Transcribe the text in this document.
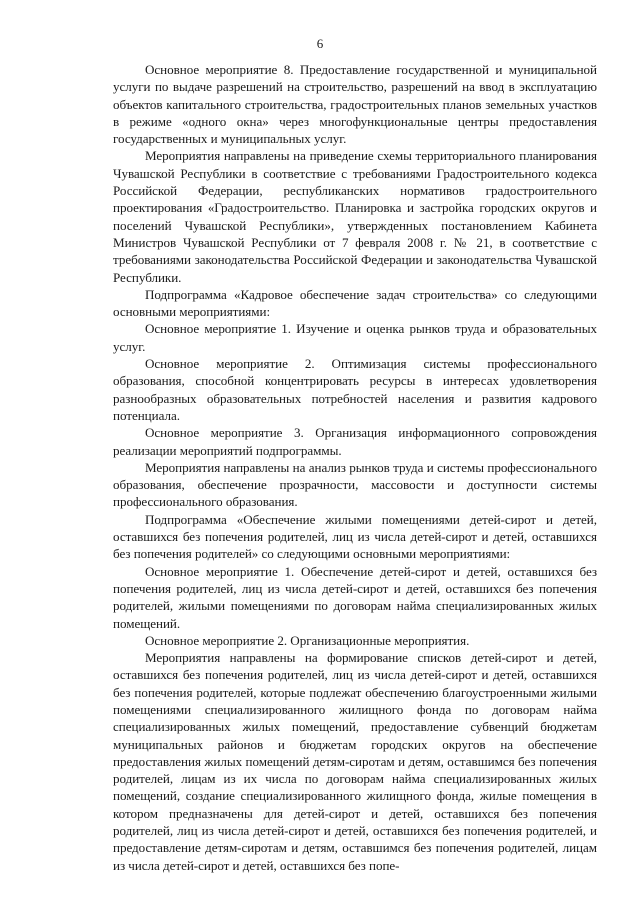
6

Основное мероприятие 8. Предоставление государственной и муниципальной услуги по выдаче разрешений на строительство, разрешений на ввод в эксплуатацию объектов капитального строительства, градостроительных планов земельных участков в режиме «одного окна» через многофункциональные центры предоставления государственных и муниципальных услуг.

Мероприятия направлены на приведение схемы территориального планирования Чувашской Республики в соответствие с требованиями Градостроительного кодекса Российской Федерации, республиканских нормативов градостроительного проектирования «Градостроительство. Планировка и застройка городских округов и поселений Чувашской Республики», утвержденных постановлением Кабинета Министров Чувашской Республики от 7 февраля 2008 г. № 21, в соответствие с требованиями законодательства Российской Федерации и законодательства Чувашской Республики.

Подпрограмма «Кадровое обеспечение задач строительства» со следующими основными мероприятиями:

Основное мероприятие 1. Изучение и оценка рынков труда и образовательных услуг.

Основное мероприятие 2. Оптимизация системы профессионального образования, способной концентрировать ресурсы в интересах удовлетворения разнообразных образовательных потребностей населения и развития кадрового потенциала.

Основное мероприятие 3. Организация информационного сопровождения реализации мероприятий подпрограммы.

Мероприятия направлены на анализ рынков труда и системы профессионального образования, обеспечение прозрачности, массовости и доступности системы профессионального образования.

Подпрограмма «Обеспечение жилыми помещениями детей-сирот и детей, оставшихся без попечения родителей, лиц из числа детей-сирот и детей, оставшихся без попечения родителей» со следующими основными мероприятиями:

Основное мероприятие 1. Обеспечение детей-сирот и детей, оставшихся без попечения родителей, лиц из числа детей-сирот и детей, оставшихся без попечения родителей, жилыми помещениями по договорам найма специализированных жилых помещений.

Основное мероприятие 2. Организационные мероприятия.

Мероприятия направлены на формирование списков детей-сирот и детей, оставшихся без попечения родителей, лиц из числа детей-сирот и детей, оставшихся без попечения родителей, которые подлежат обеспечению благоустроенными жилыми помещениями специализированного жилищного фонда по договорам найма специализированных жилых помещений, предоставление субвенций бюджетам муниципальных районов и бюджетам городских округов на обеспечение предоставления жилых помещений детям-сиротам и детям, оставшимся без попечения родителей, лицам из их числа по договорам найма специализированных жилых помещений, создание специализированного жилищного фонда, жилые помещения в котором предназначены для детей-сирот и детей, оставшихся без попечения родителей, лиц из числа детей-сирот и детей, оставшихся без попечения родителей, и предоставление детям-сиротам и детям, оставшимся без попечения родителей, лицам из числа детей-сирот и детей, оставшихся без попе-
